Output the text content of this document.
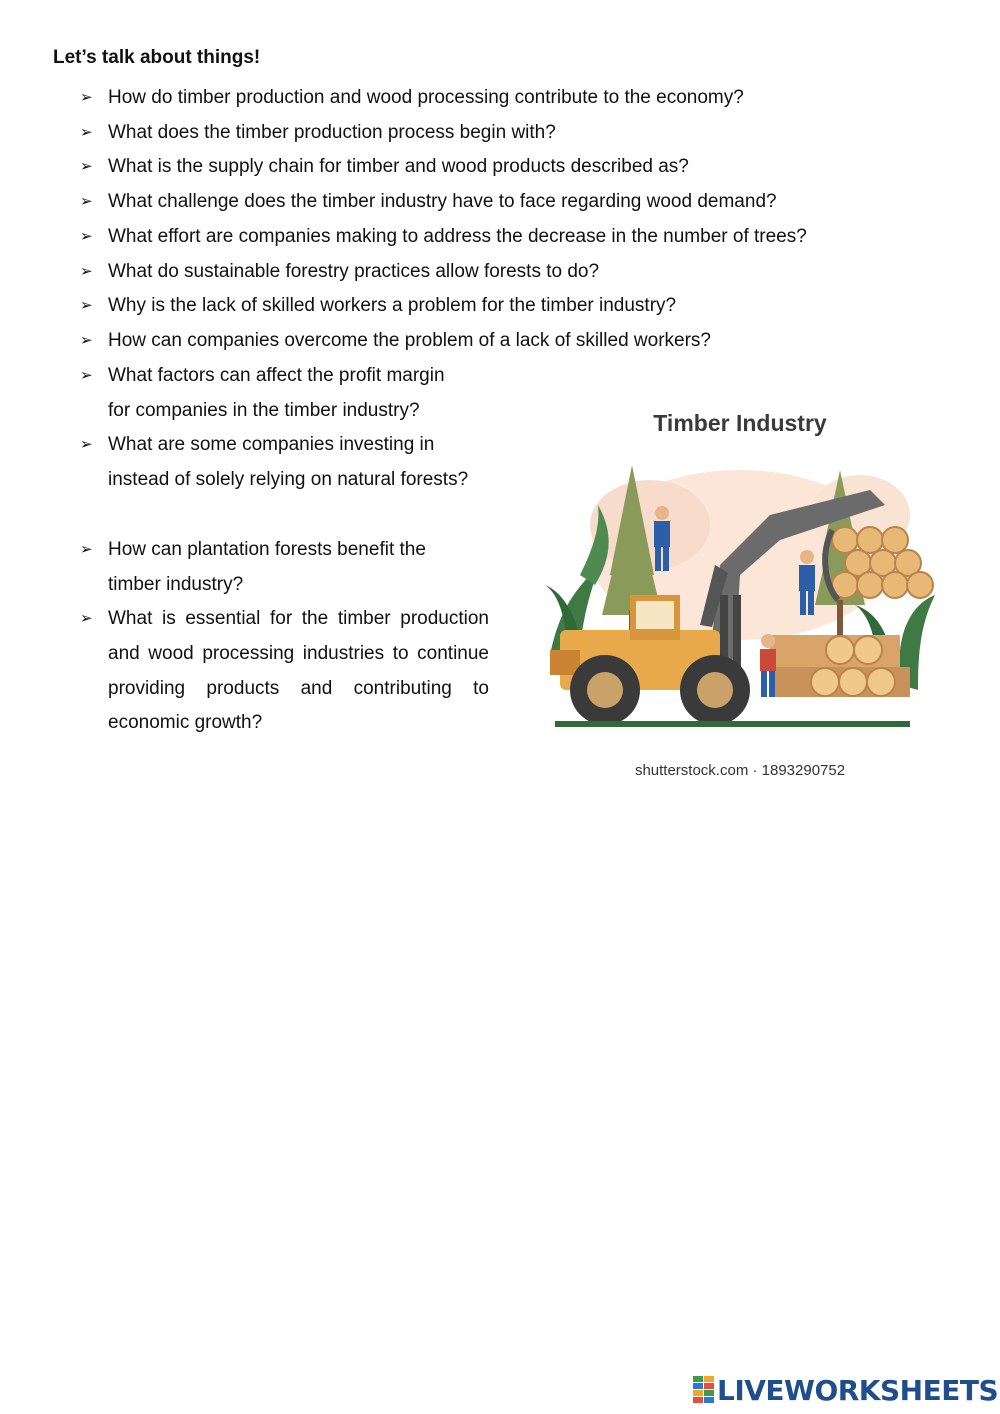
Let’s talk about things!
➢ How do timber production and wood processing contribute to the economy?
➢ What does the timber production process begin with?
➢ What is the supply chain for timber and wood products described as?
➢ What challenge does the timber industry have to face regarding wood demand?
➢ What effort are companies making to address the decrease in the number of trees?
➢ What do sustainable forestry practices allow forests to do?
➢ Why is the lack of skilled workers a problem for the timber industry?
➢ How can companies overcome the problem of a lack of skilled workers?
➢ What factors can affect the profit margin for companies in the timber industry?
➢ What are some companies investing in instead of solely relying on natural forests?
➢ How can plantation forests benefit the timber industry?
➢ What is essential for the timber production and wood processing industries to continue providing products and contributing to economic growth?
Timber Industry
shutterstock.com · 1893290752
LIVEWORKSHEETS
